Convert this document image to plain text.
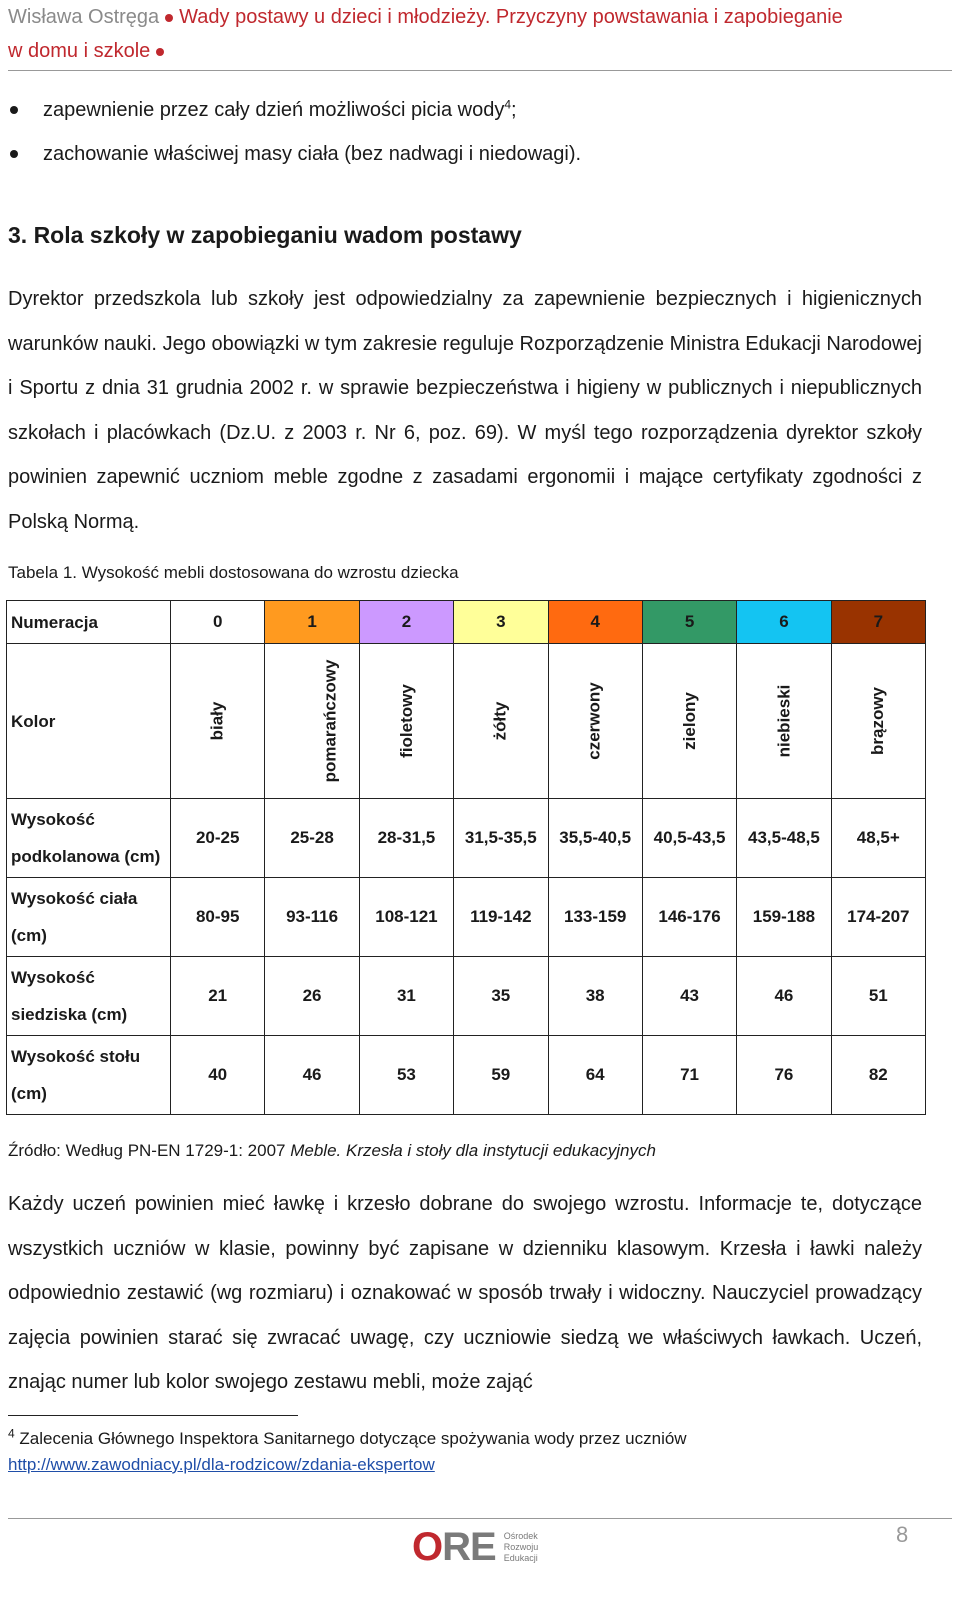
Wisława Ostręga Wady postawy u dzieci i młodzieży. Przyczyny powstawania i zapobieganie
w domu i szkole
zapewnienie przez cały dzień możliwości picia wody$^4$;
zachowanie właściwej masy ciała (bez nadwagi i niedowagi).
3. Rola szkoły w zapobieganiu wadom postawy

Dyrektor przedszkola lub szkoły jest odpowiedzialny za zapewnienie bezpiecznych i higienicznych warunków nauki. Jego obowiązki w tym zakresie reguluje Rozporządzenie Ministra Edukacji Narodowej i Sportu z dnia 31 grudnia 2002 r. w sprawie bezpieczeństwa i higieny w publicznych i niepublicznych szkołach i placówkach (Dz.U. z 2003 r. Nr 6, poz. 69). W myśl tego rozporządzenia dyrektor szkoły powinien zapewnić uczniom meble zgodne z zasadami ergonomii i mające certyfikaty zgodności z Polską Normą.

Tabela 1. Wysokość mebli dostosowana do wzrostu dziecka
Numeracja	0	1	2	3	4	5	6	7
Kolor	biały	pomarańczowy	fioletowy	żółty	czerwony	zielony	niebieski	brązowy
Wysokość podkolanowa (cm)	20-25	25-28	28-31,5	31,5-35,5	35,5-40,5	40,5-43,5	43,5-48,5	48,5+
Wysokość ciała (cm)	80-95	93-116	108-121	119-142	133-159	146-176	159-188	174-207
Wysokość siedziska (cm)	21	26	31	35	38	43	46	51
Wysokość stołu (cm)	40	46	53	59	64	71	76	82
Źródło: Według PN-EN 1729-1: 2007 Meble. Krzesła i stoły dla instytucji edukacyjnych

Każdy uczeń powinien mieć ławkę i krzesło dobrane do swojego wzrostu. Informacje te, dotyczące wszystkich uczniów w klasie, powinny być zapisane w dzienniku klasowym. Krzesła i ławki należy odpowiednio zestawić (wg rozmiaru) i oznakować w sposób trwały i widoczny. Nauczyciel prowadzący zajęcia powinien starać się zwracać uwagę, czy uczniowie siedzą we właściwych ławkach. Uczeń, znając numer lub kolor swojego zestawu mebli, może zająć

$^4$ Zalecenia Głównego Inspektora Sanitarnego dotyczące spożywania wody przez uczniów
http://www.zawodniacy.pl/dla-rodzicow/zdania-ekspertow
ORE Ośrodek
Rozwoju
Edukacji
8
